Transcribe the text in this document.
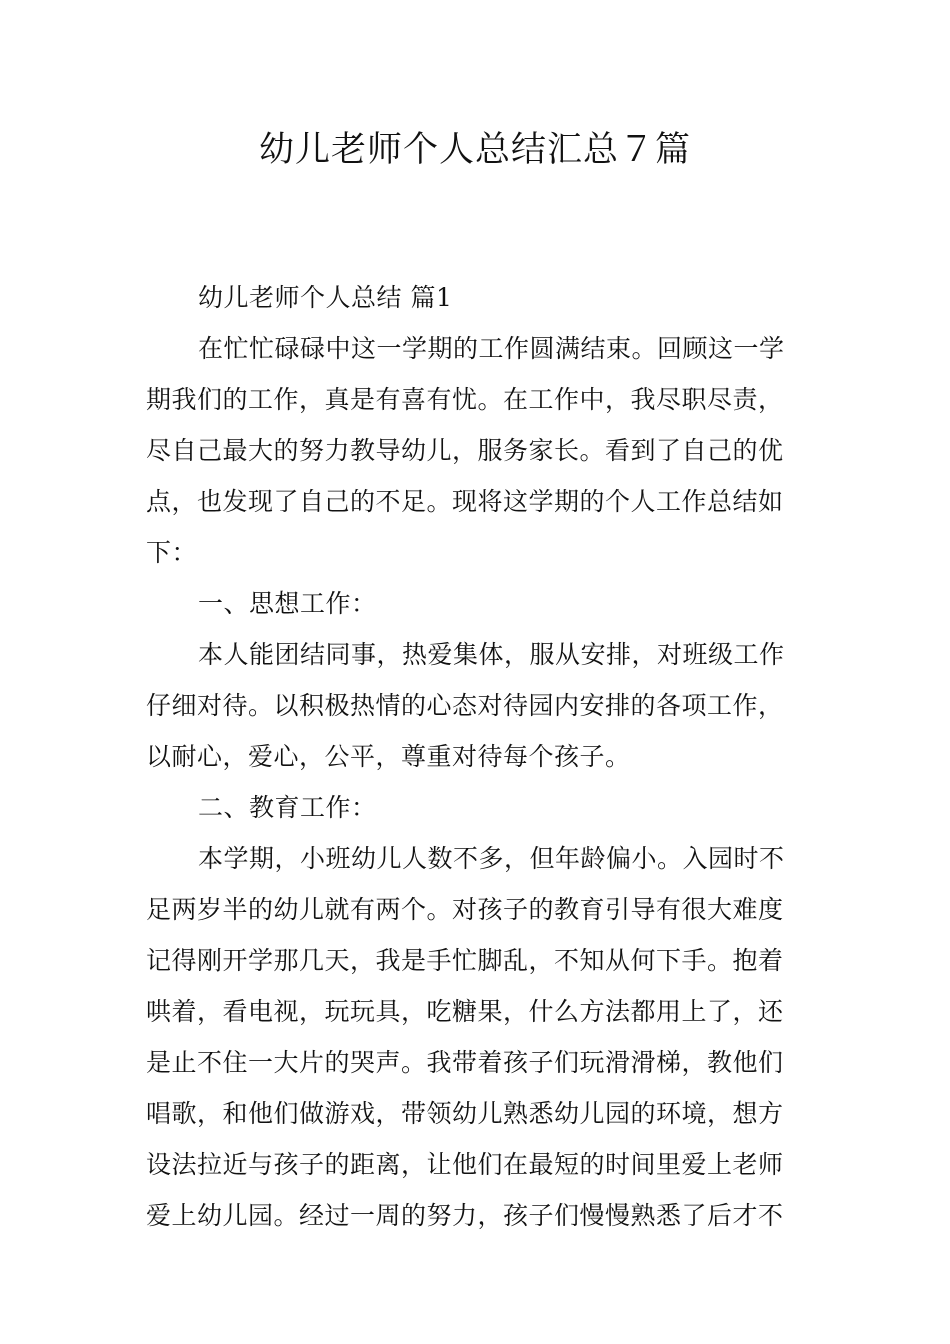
幼儿老师个人总结汇总７篇
幼儿老师个人总结 篇1
在忙忙碌碌中这一学期的工作圆满结束。回顾这一学
期我们的工作，真是有喜有忧。在工作中，我尽职尽责，
尽自己最大的努力教导幼儿，服务家长。看到了自己的优
点，也发现了自己的不足。现将这学期的个人工作总结如
下：
一、思想工作：
本人能团结同事，热爱集体，服从安排，对班级工作
仔细对待。以积极热情的心态对待园内安排的各项工作，
以耐心，爱心，公平，尊重对待每个孩子。
二、教育工作：
本学期，小班幼儿人数不多，但年龄偏小。入园时不
足两岁半的幼儿就有两个。对孩子的教育引导有很大难度
记得刚开学那几天，我是手忙脚乱，不知从何下手。抱着
哄着，看电视，玩玩具，吃糖果，什么方法都用上了，还
是止不住一大片的哭声。我带着孩子们玩滑滑梯，教他们
唱歌，和他们做游戏，带领幼儿熟悉幼儿园的环境，想方
设法拉近与孩子的距离，让他们在最短的时间里爱上老师
爱上幼儿园。经过一周的努力，孩子们慢慢熟悉了后才不
